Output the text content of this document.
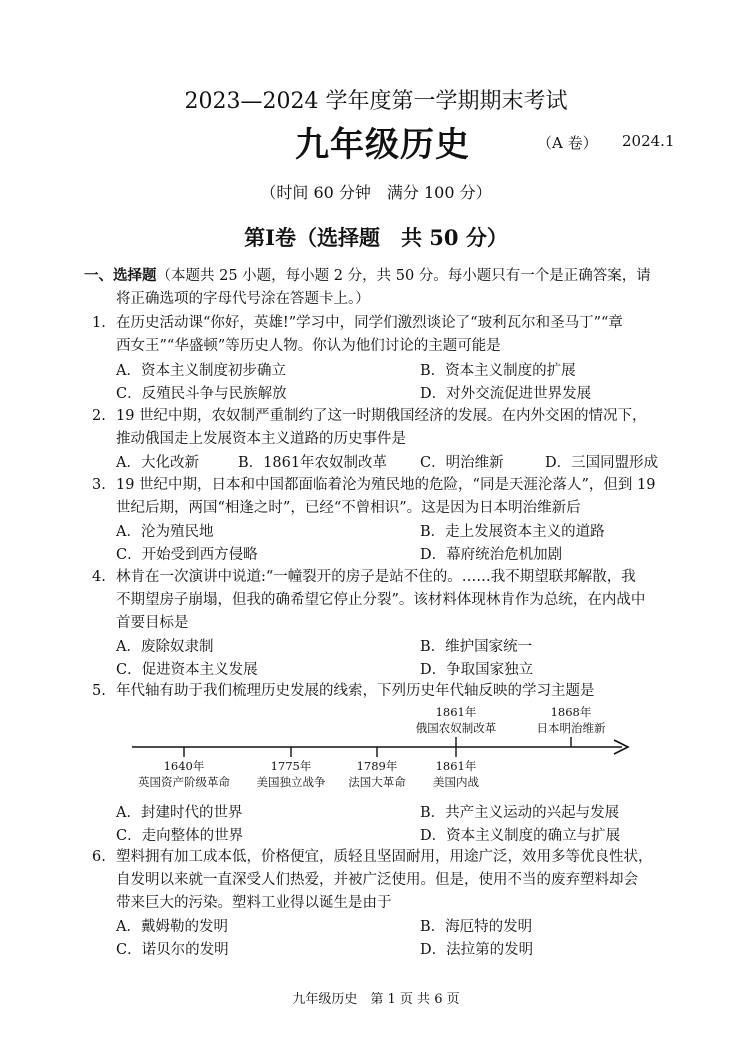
2023—2024 学年度第一学期期末考试
九年级历史	（A 卷） 2024.1
（时间 60 分钟　满分 100 分）
第Ⅰ卷（选择题　共 50 分）
一、选择题（本题共 25 小题，每小题 2 分，共 50 分。每小题只有一个是正确答案，请
将正确选项的字母代号涂在答题卡上。）
1. 在历史活动课“你好，英雄!”学习中，同学们激烈谈论了“玻利瓦尔和圣马丁”“章
西女王”“华盛顿”等历史人物。你认为他们讨论的主题可能是
A．资本主义制度初步确立	B．资本主义制度的扩展
C．反殖民斗争与民族解放	D．对外交流促进世界发展
2. 19 世纪中期，农奴制严重制约了这一时期俄国经济的发展。在内外交困的情况下，
推动俄国走上发展资本主义道路的历史事件是
A．大化改新	B．1861年农奴制改革 C．明治维新	D．三国同盟形成
3. 19 世纪中期，日本和中国都面临着沦为殖民地的危险，“同是天涯沦落人”，但到 19
世纪后期，两国“相逢之时”，已经“不曾相识”。这是因为日本明治维新后
A．沦为殖民地	B．走上发展资本主义的道路
C．开始受到西方侵略	D．幕府统治危机加剧
4. 林肯在一次演讲中说道:“一幢裂开的房子是站不住的。……我不期望联邦解散，我
不期望房子崩塌，但我的确希望它停止分裂”。该材料体现林肯作为总统，在内战中
首要目标是
A．废除奴隶制	B．维护国家统一
C．促进资本主义发展	D．争取国家独立
5. 年代轴有助于我们梳理历史发展的线索，下列历史年代轴反映的学习主题是
1861年
俄国农奴制改革
1868年
日本明治维新
1640年
英国资产阶级革命
1775年
美国独立战争
1789年
法国大革命
1861年
美国内战
A．封建时代的世界	B．共产主义运动的兴起与发展
C．走向整体的世界	D．资本主义制度的确立与扩展
6. 塑料拥有加工成本低，价格便宜，质轻且坚固耐用，用途广泛，效用多等优良性状，
自发明以来就一直深受人们热爱，并被广泛使用。但是，使用不当的废弃塑料却会
带来巨大的污染。塑料工业得以诞生是由于
A．戴姆勒的发明	B．海厄特的发明
C．诺贝尔的发明	D．法拉第的发明
九年级历史　第 1 页 共 6 页
